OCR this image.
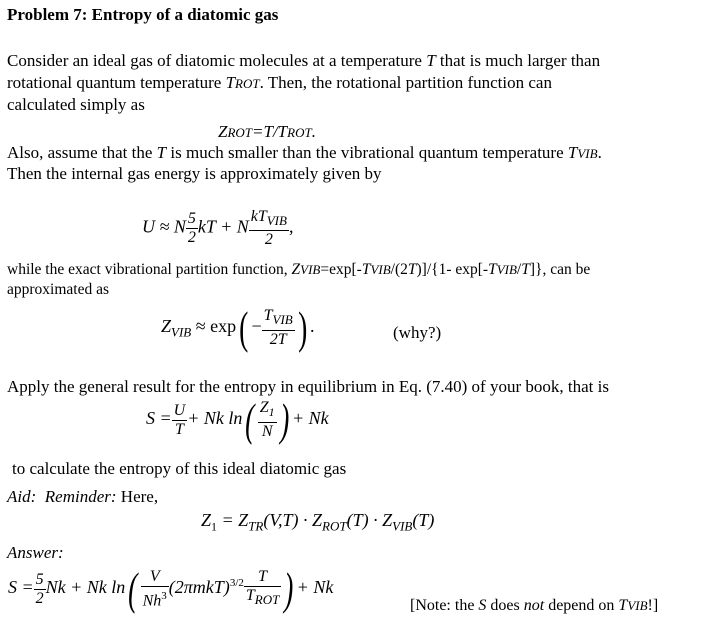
Problem 7: Entropy of a diatomic gas
Consider an ideal gas of diatomic molecules at a temperature T that is much larger than
rotational quantum temperature TROT. Then, the rotational partition function can
calculated simply as
ZROT=T/TROT.
Also, assume that the T is much smaller than the vibrational quantum temperature TVIB.
Then the internal gas energy is approximately given by
U ≈ N $\frac{5}{2}$ kT + N $\frac{kT_{VIB}}{2}$ ,
while the exact vibrational partition function, ZVIB=exp[-TVIB/(2T)]/{1- exp[-TVIB/T]}, can be
approximated as
$Z_{VIB} \approx \exp( - \frac{T_{VIB}}{2T}$ ) .	(why?)
Apply the general result for the entropy in equilibrium in Eq. (7.40) of your book, that is
$S = \frac{U}{T} + Nk$ $\ln( \frac{Z_1}{N}$ ) + Nk
to calculate the entropy of this ideal diatomic gas
Aid: Reminder: Here,
$Z_1 = Z_{TR}(V,T) \cdot Z_{ROT}(T) \cdot Z_{VIB}(T)$
Answer:
$S = \frac{5}{2}$ Nk + Nk $\ln( \frac{V}{Nh^3} (2\pi mkT)^{3/2} \frac{T}{T_{ROT}}$ ) + Nk
[Note: the S does not depend on TVIB!]
